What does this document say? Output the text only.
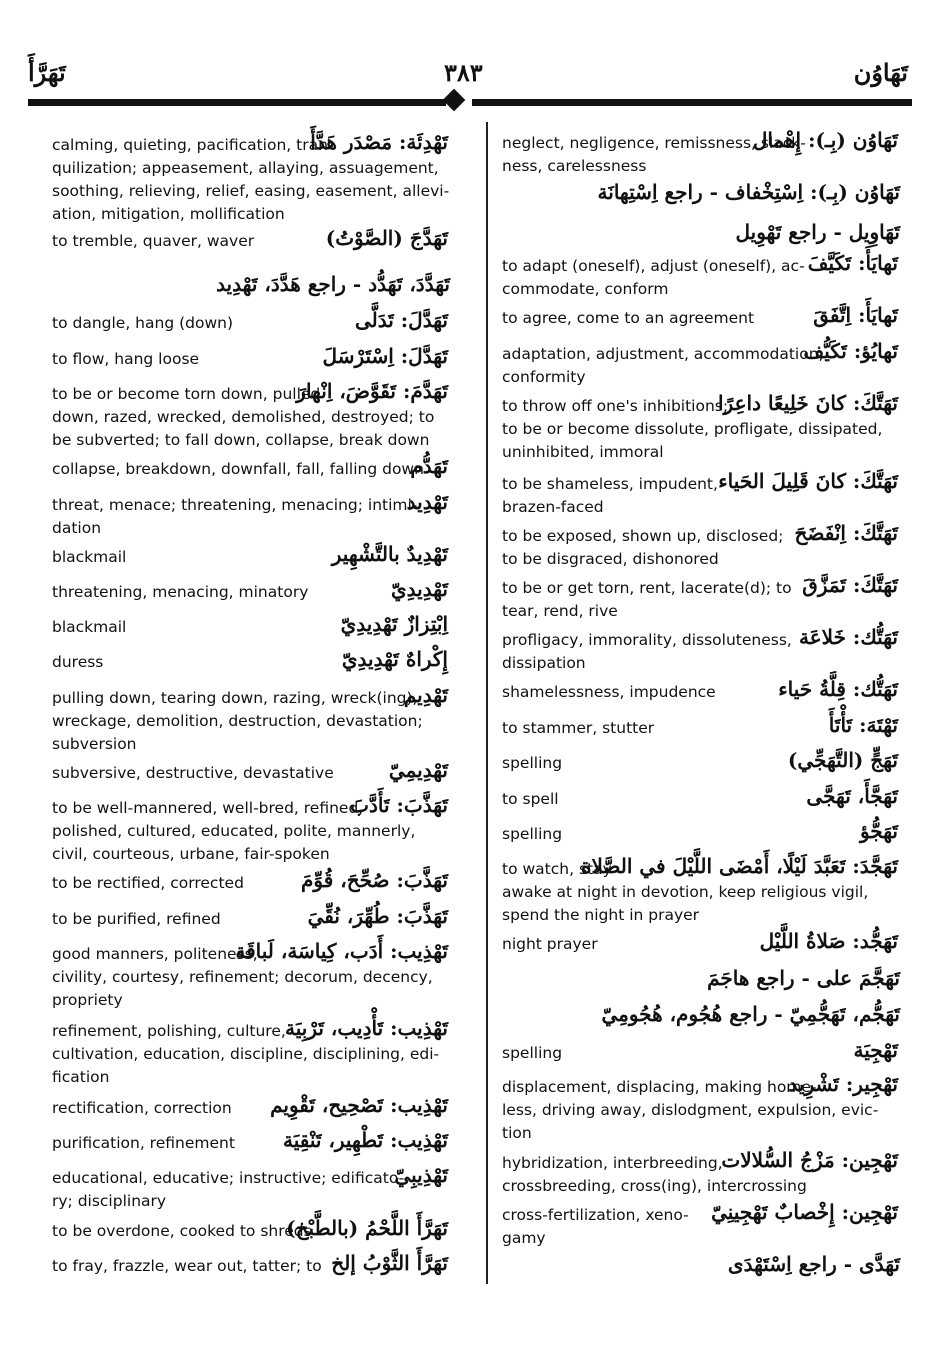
تَهَرَّأَ	٣٨٣	تَهَاوُن
تَهْدِئَة: مَصْدَر هَدَّأَ
calming, quieting, pacification, tran-
quilization; appeasement, allaying, assuagement,
soothing, relieving, relief, easing, easement, allevi-
ation, mitigation, mollification
تَهَدَّجَ (الصَّوْتُ)
to tremble, quaver, waver
تَهَدَّدَ، تَهَدُّد - راجع هَدَّدَ، تَهْدِيد
تَهَدَّلَ: تَدَلَّى
to dangle, hang (down)
تَهَدَّلَ: اِسْتَرْسَلَ
to flow, hang loose
تَهَدَّمَ: تَقَوَّضَ، اِنْهارَ
to be or become torn down, pulled
down, razed, wrecked, demolished, destroyed; to
be subverted; to fall down, collapse, break down
تَهَدُّم
collapse, breakdown, downfall, fall, falling down
تَهْدِيد
threat, menace; threatening, menacing; intimi-
dation
تَهْدِيدٌ بالتَّشْهِير
blackmail
تَهْدِيدِيّ
threatening, menacing, minatory
اِبْتِزازٌ تَهْدِيدِيّ
blackmail
إِكْراهٌ تَهْدِيدِيّ
duress
تَهْدِيم
pulling down, tearing down, razing, wreck(ing),
wreckage, demolition, destruction, devastation;
subversion
تَهْدِيمِيّ
subversive, destructive, devastative
تَهَذَّبَ: تَأَدَّبَ
to be well-mannered, well-bred, refined,
polished, cultured, educated, polite, mannerly,
civil, courteous, urbane, fair-spoken
تَهَذَّبَ: صُحِّحَ، قُوِّمَ
to be rectified, corrected
تَهَذَّبَ: طُهِّرَ، نُقِّيَ
to be purified, refined
تَهْذِيب: أَدَب، كِياسَة، لَباقَة
good manners, politeness,
civility, courtesy, refinement; decorum, decency,
propriety
تَهْذِيب: تَأْدِيب، تَرْبِيَة
refinement, polishing, culture,
cultivation, education, discipline, disciplining, edi-
fication
تَهْذِيب: تَصْحِيح، تَقْوِيم
rectification, correction
تَهْذِيب: تَطْهِير، تَنْقِيَة
purification, refinement
تَهْذِيبِيّ
educational, educative; instructive; edificato-
ry; disciplinary
تَهَرَّأَ اللَّحْمُ (بالطَّبْخ)
to be overdone, cooked to shreds
تَهَرَّأَ الثَّوْبُ إلخ
to fray, frazzle, wear out, tatter; to
تَهَاوُن (بِـ): إِهْمال
neglect, negligence, remissness, slack-
ness, carelessness
تَهَاوُن (بِـ): اِسْتِخْفاف - راجع اِسْتِهانَة
تَهَاوِيل - راجع تَهْوِيل
تَهايَأَ: تَكَيَّفَ
to adapt (oneself), adjust (oneself), ac-
commodate, conform
تَهايَأَ: اِتَّفَقَ
to agree, come to an agreement
تَهايُؤ: تَكَيُّف
adaptation, adjustment, accommodation,
conformity
تَهَتَّكَ: كانَ خَلِيعًا داعِرًا
to throw off one's inhibitions;
to be or become dissolute, profligate, dissipated,
uninhibited, immoral
تَهَتَّكَ: كانَ قَلِيلَ الحَياء
to be shameless, impudent,
brazen-faced
تَهَتَّكَ: اِنْفَضَحَ
to be exposed, shown up, disclosed;
to be disgraced, dishonored
تَهَتَّكَ: تَمَزَّقَ
to be or get torn, rent, lacerate(d); to
tear, rend, rive
تَهَتُّك: خَلاعَة
profligacy, immorality, dissoluteness,
dissipation
تَهَتُّك: قِلَّةُ حَياء
shamelessness, impudence
تَهْتَهَ: تَأْتَأَ
to stammer, stutter
تَهَجٍّ (التَّهَجِّي)
spelling
تَهَجَّأَ، تَهَجَّى
to spell
تَهَجُّؤ
spelling
تَهَجَّدَ: تَعَبَّدَ لَيْلًا، أَمْضَى اللَّيْلَ في الصَّلاة
to watch, stay
awake at night in devotion, keep religious vigil,
spend the night in prayer
تَهَجُّد: صَلاةُ اللَّيْل
night prayer
تَهَجَّمَ على - راجع هاجَمَ
تَهَجُّم، تَهَجُّمِيّ - راجع هُجُوم، هُجُومِيّ
تَهْجِيَة
spelling
تَهْجِير: تَشْرِيد
displacement, displacing, making home-
less, driving away, dislodgment, expulsion, evic-
tion
تَهْجِين: مَزْجُ السُّلالات
hybridization, interbreeding,
crossbreeding, cross(ing), intercrossing
تَهْجِين: إِخْصابٌ تَهْجِينِيّ
cross-fertilization, xeno-
gamy
تَهَدَّى - راجع اِسْتَهْدَى
